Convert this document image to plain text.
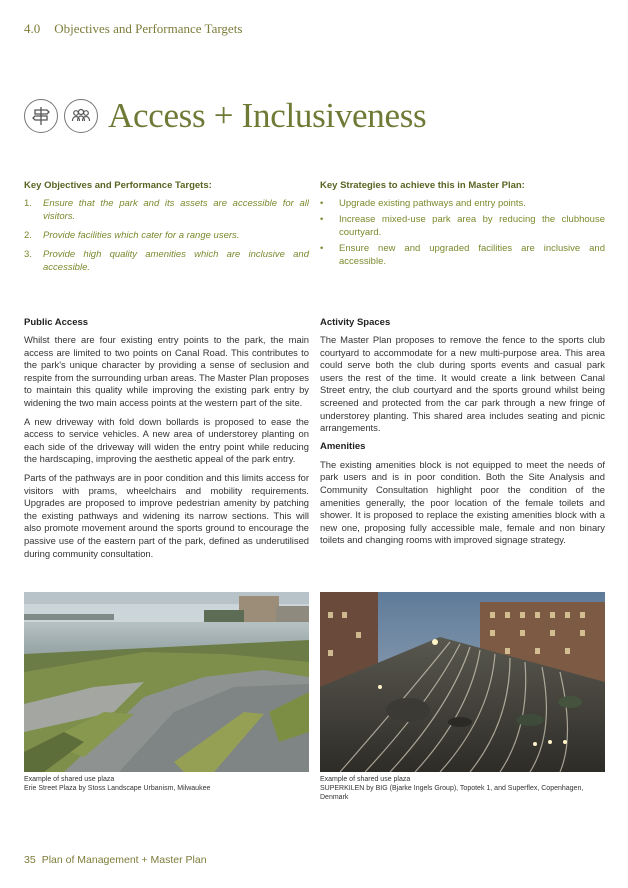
4.0 Objectives and Performance Targets
Access + Inclusiveness
Key Objectives and Performance Targets:
1.	Ensure that the park and its assets are accessible for all visitors.
2.	Provide facilities which cater for a range users.
3.	Provide high quality amenities which are inclusive and accessible.
Key Strategies to achieve this in Master Plan:
•	Upgrade existing pathways and entry points.
•	Increase mixed-use park area by reducing the clubhouse courtyard.
•	Ensure new and upgraded facilities are inclusive and accessible.
Public Access

Whilst there are four existing entry points to the park, the main access are limited to two points on Canal Road. This contributes to the park's unique character by providing a sense of seclusion and respite from the surrounding urban areas. The Master Plan proposes to maintain this quality while improving the existing park entry by widening the two main access points at the western part of the site.

A new driveway with fold down bollards is proposed to ease the access to service vehicles. A new area of understorey planting on each side of the driveway will widen the entry point while reducing the hardscaping, improving the aesthetic appeal of the park entry.

Parts of the pathways are in poor condition and this limits access for visitors with prams, wheelchairs and mobility requirements. Upgrades are proposed to improve pedestrian amenity by patching the existing pathways and widening its narrow sections. This will also promote movement around the sports ground to encourage the passive use of the eastern part of the park, defined as underutilised during community consultation.

Activity Spaces

The Master Plan proposes to remove the fence to the sports club courtyard to accommodate for a new multi-purpose area. This area could serve both the club during sports events and casual park users the rest of the time. It would create a link between Canal Street entry, the club courtyard and the sports ground whilst being screened and protected from the car park through a new fringe of understorey planting. This shared area includes seating and picnic arrangements.

Amenities

The existing amenities block is not equipped to meet the needs of park users and is in poor condition. Both the Site Analysis and Community Consultation highlight poor the condition of the amenities generally, the poor location of the female toilets and shower. It is proposed to replace the existing amenities block with a new one, proposing fully accessible male, female and non binary toilets and changing rooms with improved signage strategy.

Example of shared use plaza
Erie Street Plaza by Stoss Landscape Urbanism, Milwaukee
Example of shared use plaza
SUPERKILEN by BIG (Bjarke Ingels Group), Topotek 1, and Superflex, Copenhagen, Denmark
35 Plan of Management + Master Plan
